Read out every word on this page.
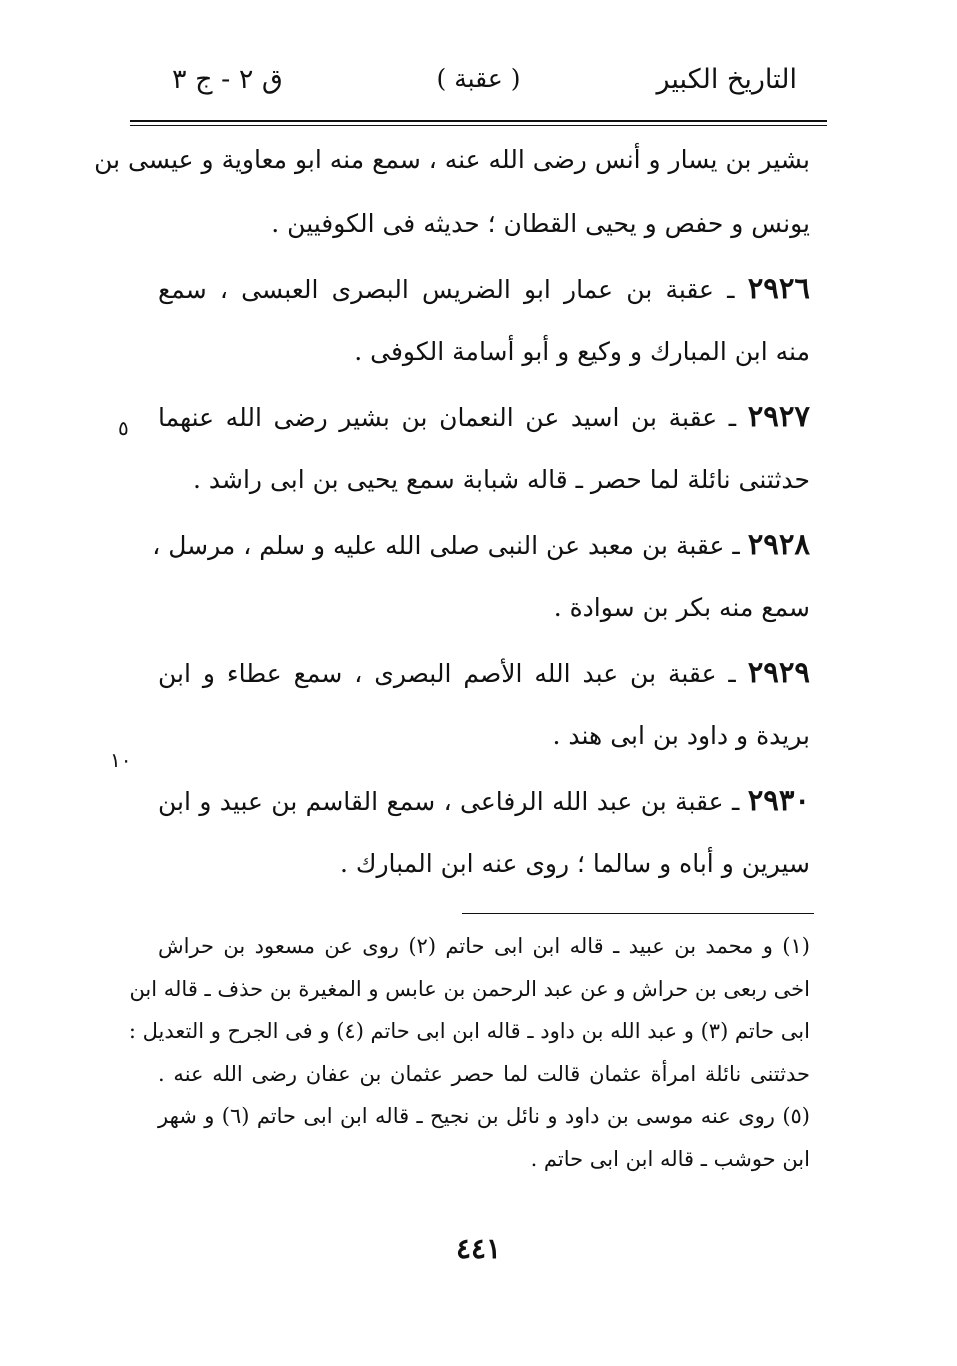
التاريخ الكبير
( عقبة )
ق ٢ - ج ٣
بشير بن يسار و أنس رضى الله عنه ، سمع منه ابو معاوية و عيسى بن
يونس و حفص و يحيى القطان ؛ حديثه فى الكوفيين .
٢٩٢٦ ـ عقبة بن عمار ابو الضريس البصرى العبسى ، سمع
منه ابن المبارك و وكيع و أبو أسامة الكوفى .
٢٩٢٧ ـ عقبة بن اسيد عن النعمان بن بشير رضى الله عنهما
حدثتنى نائلة لما حصر ـ قاله شبابة سمع يحيى بن ابى راشد .
٢٩٢٨ ـ عقبة بن معبد عن النبى صلى الله عليه و سلم ، مرسل ،
سمع منه بكر بن سوادة .
٢٩٢٩ ـ عقبة بن عبد الله الأصم البصرى ، سمع عطاء و ابن
بريدة و داود بن ابى هند .
٢٩٣٠ ـ عقبة بن عبد الله الرفاعى ، سمع القاسم بن عبيد و ابن
سيرين و أباه و سالما ؛ روى عنه ابن المبارك .
٥
١٠
(١) و محمد بن عبيد ـ قاله ابن ابى حاتم (٢) روى عن مسعود بن حراش
اخى ربعى بن حراش و عن عبد الرحمن بن عابس و المغيرة بن حذف ـ قاله ابن
ابى حاتم (٣) و عبد الله بن داود ـ قاله ابن ابى حاتم (٤) و فى الجرح و التعديل :
حدثتنى نائلة امرأة عثمان قالت لما حصر عثمان بن عفان رضى الله عنه .
(٥) روى عنه موسى بن داود و نائل بن نجيح ـ قاله ابن ابى حاتم (٦) و شهر
ابن حوشب ـ قاله ابن ابى حاتم .
٤٤١
